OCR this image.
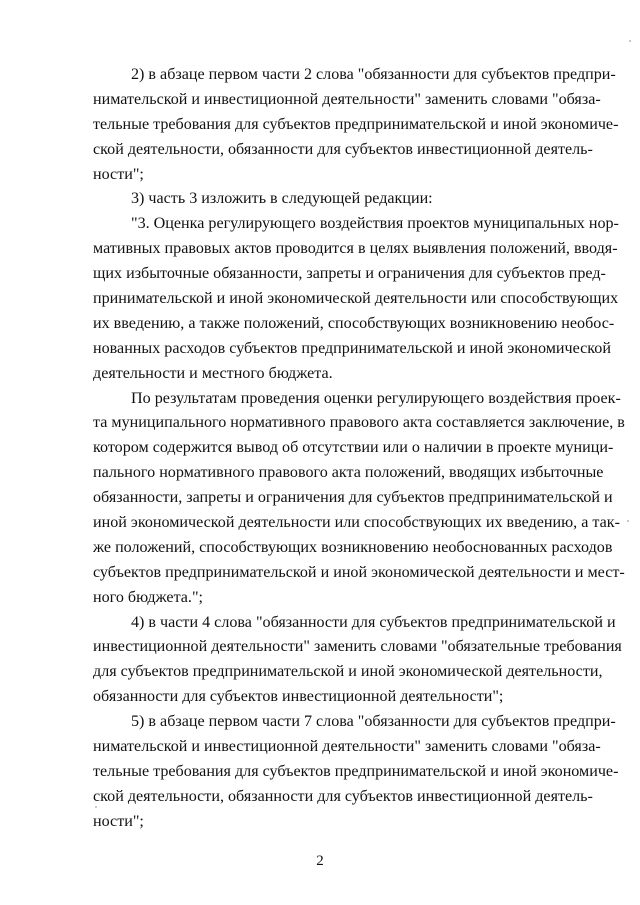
2) в абзаце первом части 2 слова "обязанности для субъектов предпри-
нимательской и инвестиционной деятельности" заменить словами "обяза-
тельные требования для субъектов предпринимательской и иной экономиче-
ской деятельности, обязанности для субъектов инвестиционной деятель-
ности";
3) часть 3 изложить в следующей редакции:
"3. Оценка регулирующего воздействия проектов муниципальных нор-
мативных правовых актов проводится в целях выявления положений, вводя-
щих избыточные обязанности, запреты и ограничения для субъектов пред-
принимательской и иной экономической деятельности или способствующих
их введению, а также положений, способствующих возникновению необос-
нованных расходов субъектов предпринимательской и иной экономической
деятельности и местного бюджета.
По результатам проведения оценки регулирующего воздействия проек-
та муниципального нормативного правового акта составляется заключение, в
котором содержится вывод об отсутствии или о наличии в проекте муници-
пального нормативного правового акта положений, вводящих избыточные
обязанности, запреты и ограничения для субъектов предпринимательской и
иной экономической деятельности или способствующих их введению, а так-
же положений, способствующих возникновению необоснованных расходов
субъектов предпринимательской и иной экономической деятельности и мест-
ного бюджета.";
4) в части 4 слова "обязанности для субъектов предпринимательской и
инвестиционной деятельности" заменить словами "обязательные требования
для субъектов предпринимательской и иной экономической деятельности,
обязанности для субъектов инвестиционной деятельности";
5) в абзаце первом части 7 слова "обязанности для субъектов предпри-
нимательской и инвестиционной деятельности" заменить словами "обяза-
тельные требования для субъектов предпринимательской и иной экономиче-
ской деятельности, обязанности для субъектов инвестиционной деятель-
ности";
2
